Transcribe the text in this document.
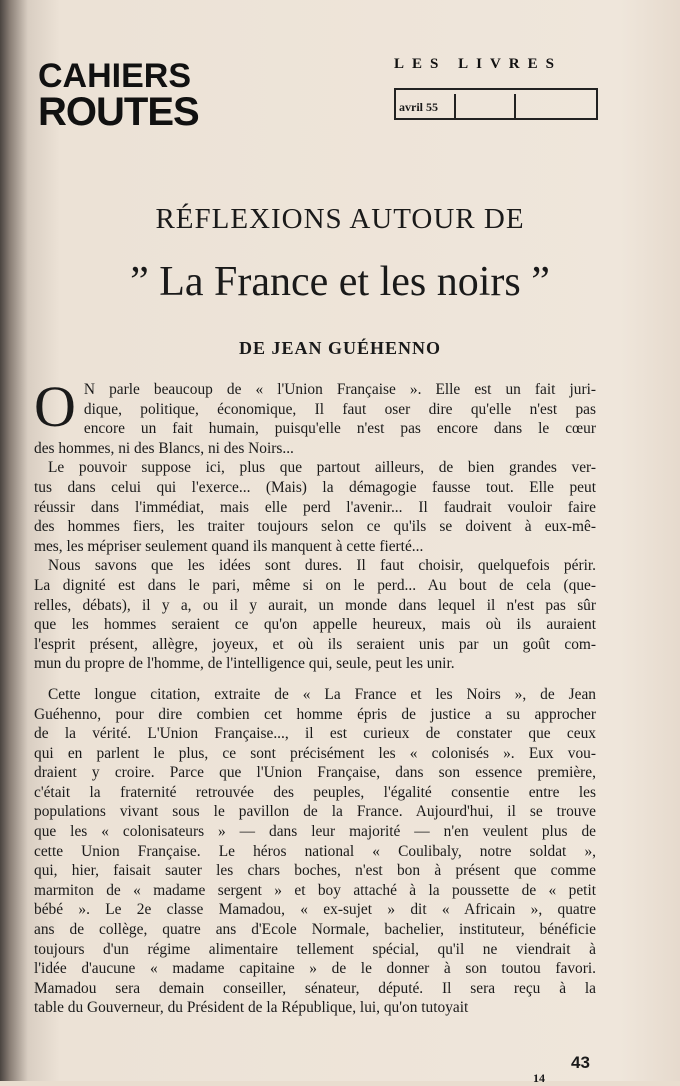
CAHIERS
ROUTES
LES LIVRES
avril 55
RÉFLEXIONS AUTOUR DE
” La France et les noirs ”
DE JEAN GUÉHENNO

O N parle beaucoup de « l'Union Française ». Elle est un fait juri-
dique, politique, économique, Il faut oser dire qu'elle n'est pas
encore un fait humain, puisqu'elle n'est pas encore dans le cœur
des hommes, ni des Blancs, ni des Noirs...

Le pouvoir suppose ici, plus que partout ailleurs, de bien grandes ver-
tus dans celui qui l'exerce... (Mais) la démagogie fausse tout. Elle peut
réussir dans l'immédiat, mais elle perd l'avenir... Il faudrait vouloir faire
des hommes fiers, les traiter toujours selon ce qu'ils se doivent à eux-mê-
mes, les mépriser seulement quand ils manquent à cette fierté...

Nous savons que les idées sont dures. Il faut choisir, quelquefois périr.
La dignité est dans le pari, même si on le perd... Au bout de cela (que-
relles, débats), il y a, ou il y aurait, un monde dans lequel il n'est pas sûr
que les hommes seraient ce qu'on appelle heureux, mais où ils auraient
l'esprit présent, allègre, joyeux, et où ils seraient unis par un goût com-
mun du propre de l'homme, de l'intelligence qui, seule, peut les unir.

Cette longue citation, extraite de « La France et les Noirs », de Jean
Guéhenno, pour dire combien cet homme épris de justice a su approcher
de la vérité. L'Union Française..., il est curieux de constater que ceux
qui en parlent le plus, ce sont précisément les « colonisés ». Eux vou-
draient y croire. Parce que l'Union Française, dans son essence première,
c'était la fraternité retrouvée des peuples, l'égalité consentie entre les
populations vivant sous le pavillon de la France. Aujourd'hui, il se trouve
que les « colonisateurs » — dans leur majorité — n'en veulent plus de
cette Union Française. Le héros national « Coulibaly, notre soldat »,
qui, hier, faisait sauter les chars boches, n'est bon à présent que comme
marmiton de « madame sergent » et boy attaché à la poussette de « petit
bébé ». Le 2e classe Mamadou, « ex-sujet » dit « Africain », quatre
ans de collège, quatre ans d'Ecole Normale, bachelier, instituteur, bénéficie
toujours d'un régime alimentaire tellement spécial, qu'il ne viendrait à
l'idée d'aucune « madame capitaine » de le donner à son toutou favori.
Mamadou sera demain conseiller, sénateur, député. Il sera reçu à la
table du Gouverneur, du Président de la République, lui, qu'on tutoyait

43
14
